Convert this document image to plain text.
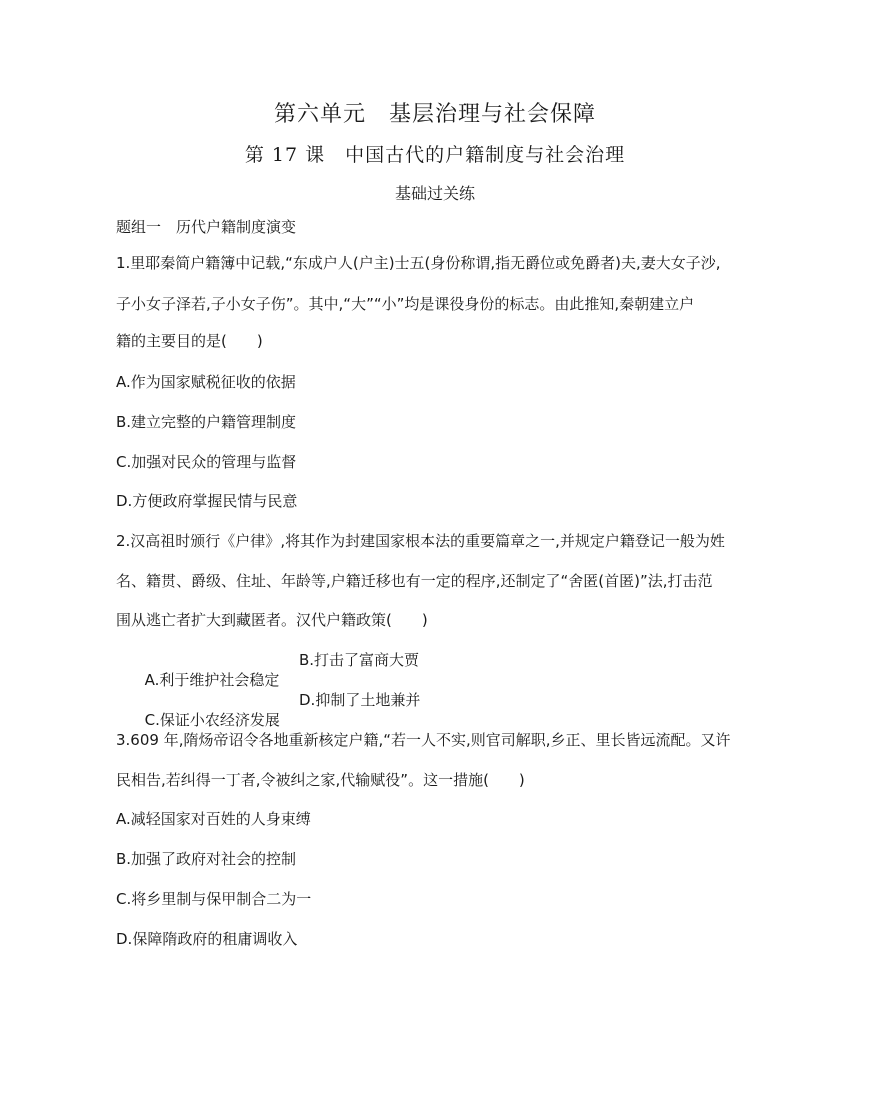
第六单元　基层治理与社会保障
第 17 课　中国古代的户籍制度与社会治理
基础过关练
题组一　历代户籍制度演变
1.里耶秦简户籍簿中记载,“东成户人(户主)士五(身份称谓,指无爵位或免爵者)夫,妻大女子沙,
子小女子泽若,子小女子伤”。其中,“大”“小”均是课役身份的标志。由此推知,秦朝建立户
籍的主要目的是(　　)
A.作为国家赋税征收的依据
B.建立完整的户籍管理制度
C.加强对民众的管理与监督
D.方便政府掌握民情与民意
2.汉高祖时颁行《户律》,将其作为封建国家根本法的重要篇章之一,并规定户籍登记一般为姓
名、籍贯、爵级、住址、年龄等,户籍迁移也有一定的程序,还制定了“舍匿(首匿)”法,打击范
围从逃亡者扩大到藏匿者。汉代户籍政策(　　)

A.利于维护社会稳定

B.打击了富商大贾

C.保证小农经济发展

D.抑制了土地兼并

3.609 年,隋炀帝诏令各地重新核定户籍,“若一人不实,则官司解职,乡正、里长皆远流配。又许
民相告,若纠得一丁者,令被纠之家,代输赋役”。这一措施(　　)
A.减轻国家对百姓的人身束缚
B.加强了政府对社会的控制
C.将乡里制与保甲制合二为一
D.保障隋政府的租庸调收入
